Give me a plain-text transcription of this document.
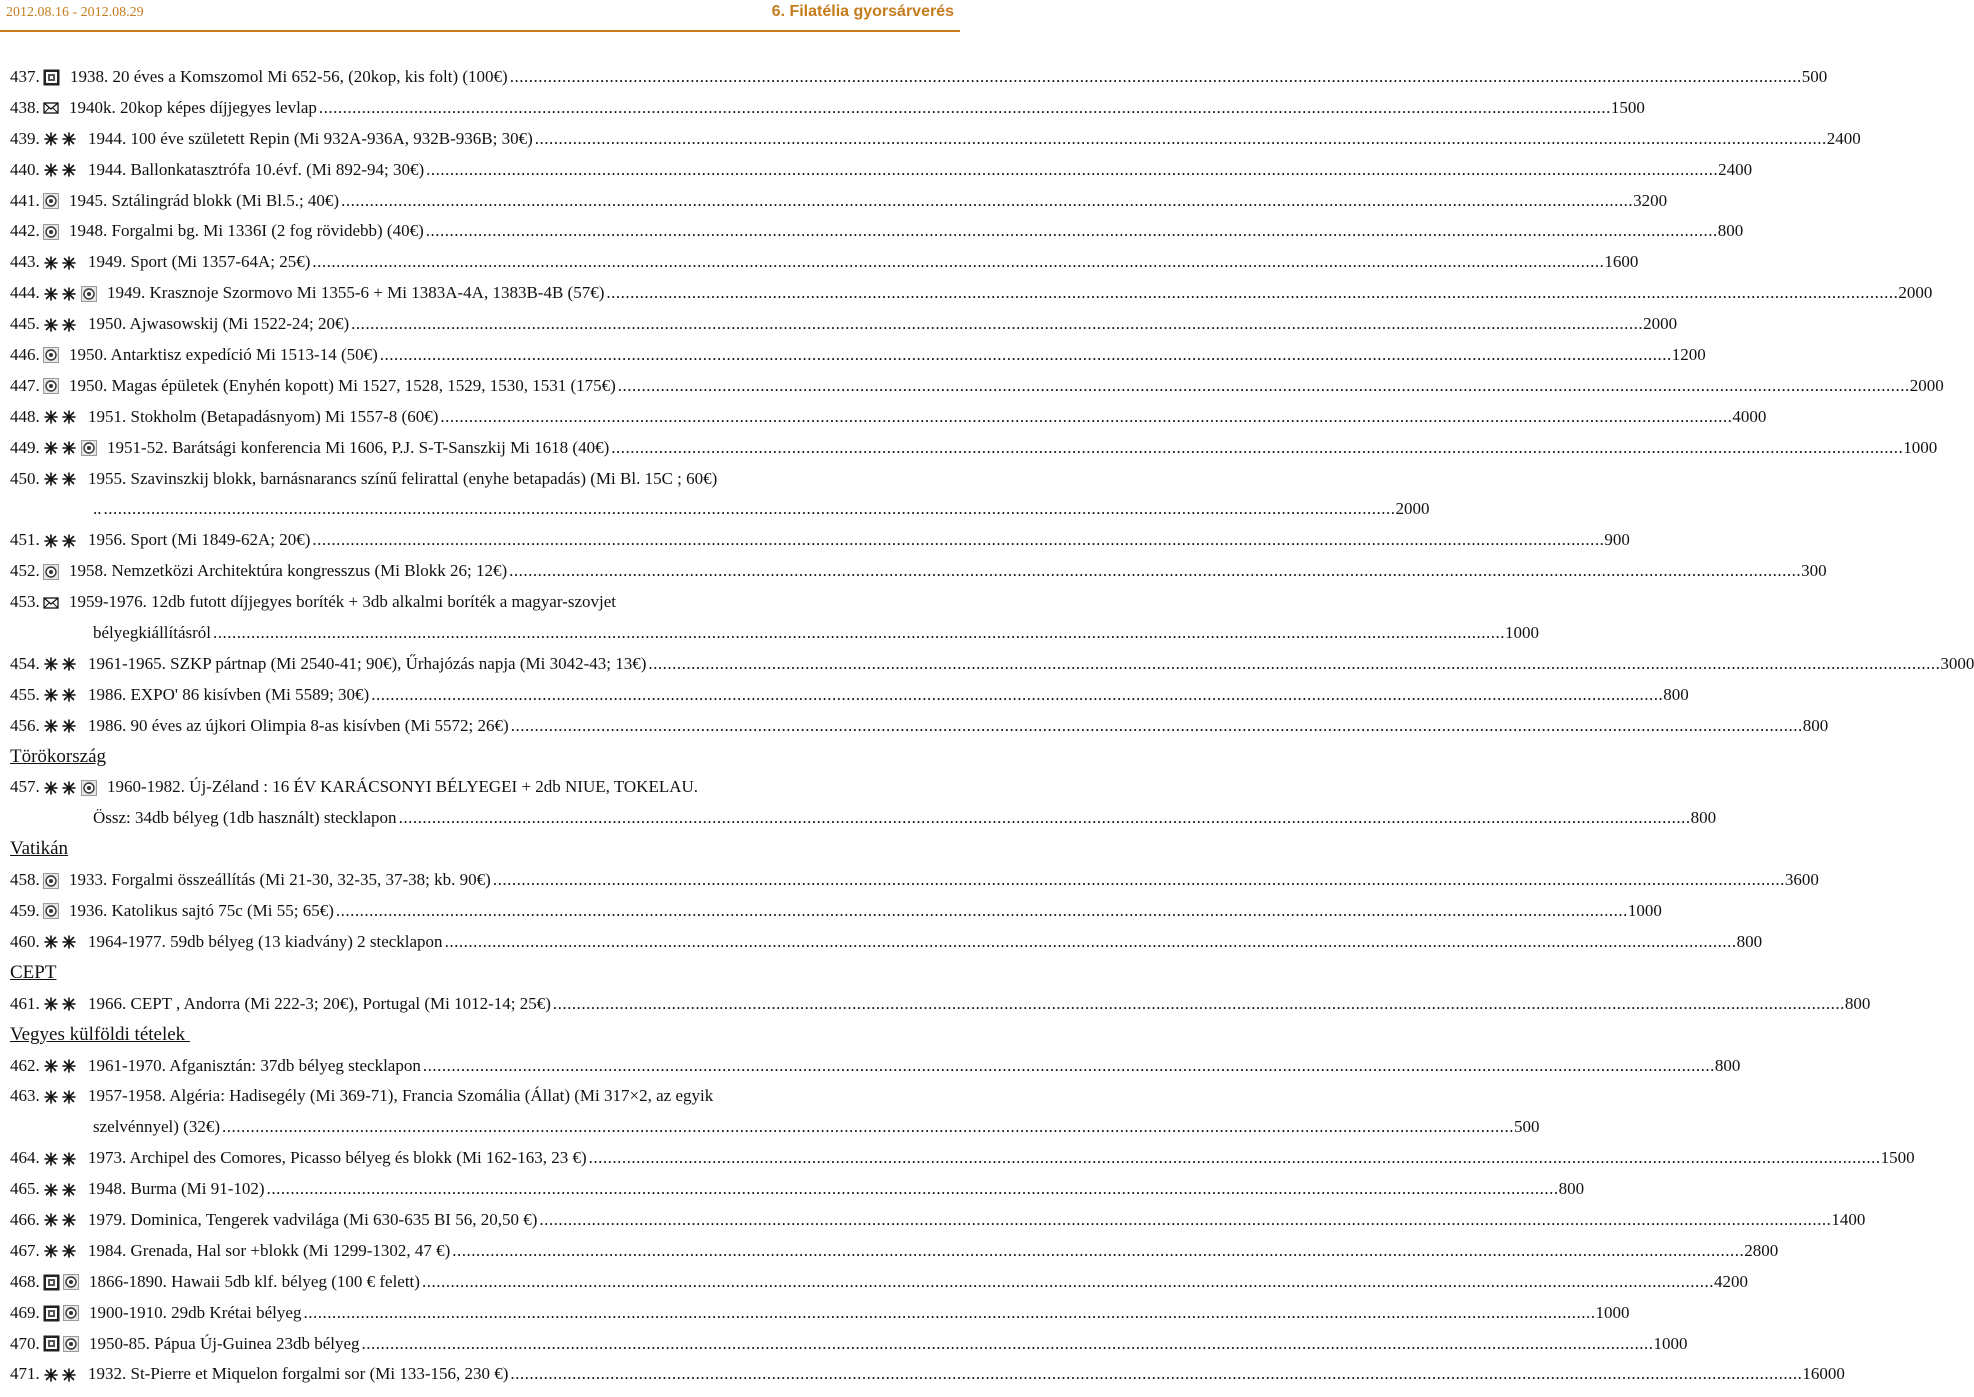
2012.08.16 - 2012.08.29	6. Filatélia gyorsárverés
437. 1938. 20 éves a Komszomol Mi 652-56, (20kop, kis folt) (100€) .....	500
438. 1940k. 20kop képes díjjegyes levlap .....	1500
439.	1944. 100 éve született Repin (Mi 932A-936A, 932B-936B; 30€) .....	2400
440.	1944. Ballonkatasztrófa 10.évf. (Mi 892-94; 30€) .....	2400
441. 1945. Sztálingrád blokk (Mi Bl.5.; 40€) .....	3200
442. 1948. Forgalmi bg. Mi 1336I (2 fog rövidebb) (40€) .....	800
443.	1949. Sport (Mi 1357-64A; 25€) .....	1600
444.	1949. Krasznoje Szormovo Mi 1355-6 + Mi 1383A-4A, 1383B-4B (57€) .....	2000
445.	1950. Ajwasowskij (Mi 1522-24; 20€) .....	2000
446. 1950. Antarktisz expedíció Mi 1513-14 (50€) .....	1200
447. 1950. Magas épületek (Enyhén kopott) Mi 1527, 1528, 1529, 1530, 1531 (175€) .....	2000
448.	1951. Stokholm (Betapadásnyom) Mi 1557-8 (60€) .....	4000
449.	1951-52. Barátsági konferencia Mi 1606, P.J. S-T-Sanszkij Mi 1618 (40€) .....	1000
450.	1955. Szavinszkij blokk, barnásnarancs színű felirattal (enyhe betapadás) (Mi Bl. 15C ; 60€)
.. .....	2000
451.	1956. Sport (Mi 1849-62A; 20€) .....	900
452. 1958. Nemzetközi Architektúra kongresszus (Mi Blokk 26; 12€) .....	300
453. 1959-1976. 12db futott díjjegyes boríték + 3db alkalmi boríték a magyar-szovjet
bélyegkiállításról .....	1000
454.	1961-1965. SZKP pártnap (Mi 2540-41; 90€), Űrhajózás napja (Mi 3042-43; 13€) .....	3000
455.	1986. EXPO' 86 kisívben (Mi 5589; 30€) .....	800
456.	1986. 90 éves az újkori Olimpia 8-as kisívben (Mi 5572; 26€) .....	800
Törökország
457.	1960-1982. Új-Zéland : 16 ÉV KARÁCSONYI BÉLYEGEI + 2db NIUE, TOKELAU.
Össz: 34db bélyeg (1db használt) stecklapon .....	800
Vatikán
458. 1933. Forgalmi összeállítás (Mi 21-30, 32-35, 37-38; kb. 90€) .....	3600
459. 1936. Katolikus sajtó 75c (Mi 55; 65€) .....	1000
460.	1964-1977. 59db bélyeg (13 kiadvány) 2 stecklapon .....	800
CEPT
461.	1966. CEPT , Andorra (Mi 222-3; 20€), Portugal (Mi 1012-14; 25€) .....	800
Vegyes külföldi tételek
462.	1961-1970. Afganisztán: 37db bélyeg stecklapon .....	800
463.	1957-1958. Algéria: Hadisegély (Mi 369-71), Francia Szomália (Állat) (Mi 317×2, az egyik
szelvénnyel) (32€) .....	500
464.	1973. Archipel des Comores, Picasso bélyeg és blokk (Mi 162-163, 23 €) .....	1500
465.	1948. Burma (Mi 91-102) .....	800
466.	1979. Dominica, Tengerek vadvilága (Mi 630-635 BI 56, 20,50 €) .....	1400
467.	1984. Grenada, Hal sor +blokk (Mi 1299-1302, 47 €) .....	2800
468.	1866-1890. Hawaii 5db klf. bélyeg (100 € felett) .....	4200
469.	1900-1910. 29db Krétai bélyeg .....	1000
470.	1950-85. Pápua Új-Guinea 23db bélyeg .....	1000
471.	1932. St-Pierre et Miquelon forgalmi sor (Mi 133-156, 230 €) .....	16000
